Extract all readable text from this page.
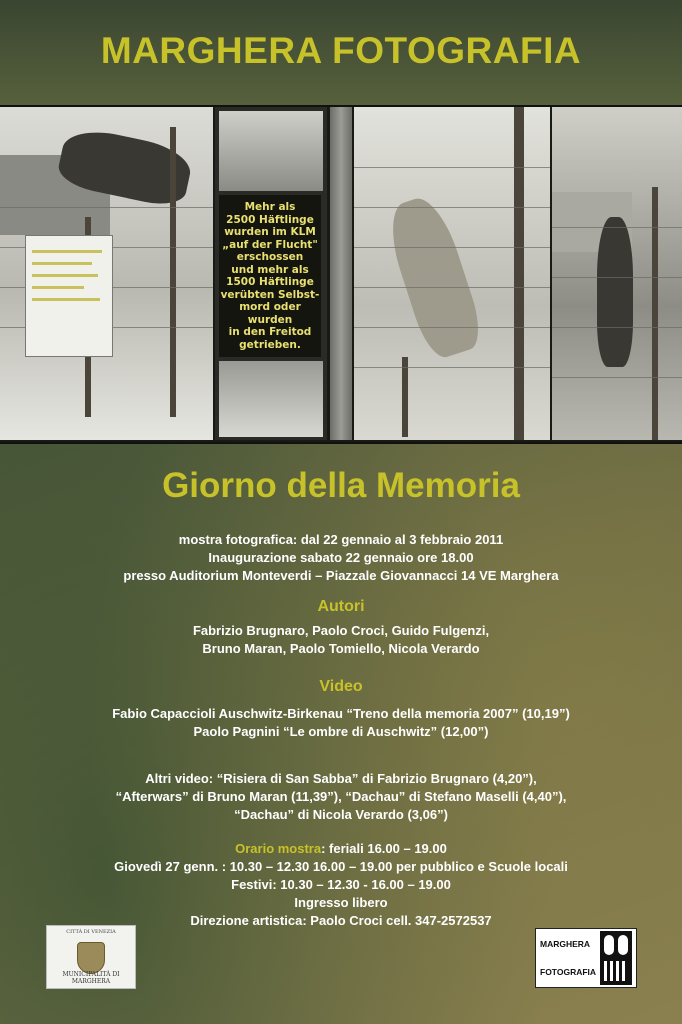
MARGHERA FOTOGRAFIA
Mehr als
2500 Häftlinge
wurden im KLM
„auf der Flucht"
erschossen
und mehr als
1500 Häftlinge
verübten Selbst-
mord oder wurden
in den Freitod
getrieben.
Giorno della Memoria
mostra fotografica: dal 22 gennaio al 3 febbraio 2011
Inaugurazione sabato 22 gennaio ore 18.00
presso Auditorium Monteverdi – Piazzale Giovannacci 14 VE Marghera
Autori
Fabrizio Brugnaro, Paolo Croci, Guido Fulgenzi,
Bruno Maran, Paolo Tomiello, Nicola Verardo
Video
Fabio Capaccioli Auschwitz-Birkenau “Treno della memoria 2007” (10,19”)
Paolo Pagnini “Le ombre di Auschwitz” (12,00”)
Altri video: “Risiera di San Sabba” di Fabrizio Brugnaro (4,20”),
“Afterwars” di Bruno Maran (11,39”), “Dachau” di Stefano Maselli (4,40”),
“Dachau” di Nicola Verardo (3,06”)
Orario mostra: feriali 16.00 – 19.00
Giovedì 27 genn. : 10.30 – 12.30 16.00 – 19.00 per pubblico e Scuole locali
Festivi: 10.30 – 12.30 - 16.00 – 19.00
Ingresso libero
Direzione artistica: Paolo Croci cell. 347-2572537
CITTÀ DI VENEZIA
MUNICIPALITÀ DI MARGHERA
MARGHERA
FOTOGRAFIA
